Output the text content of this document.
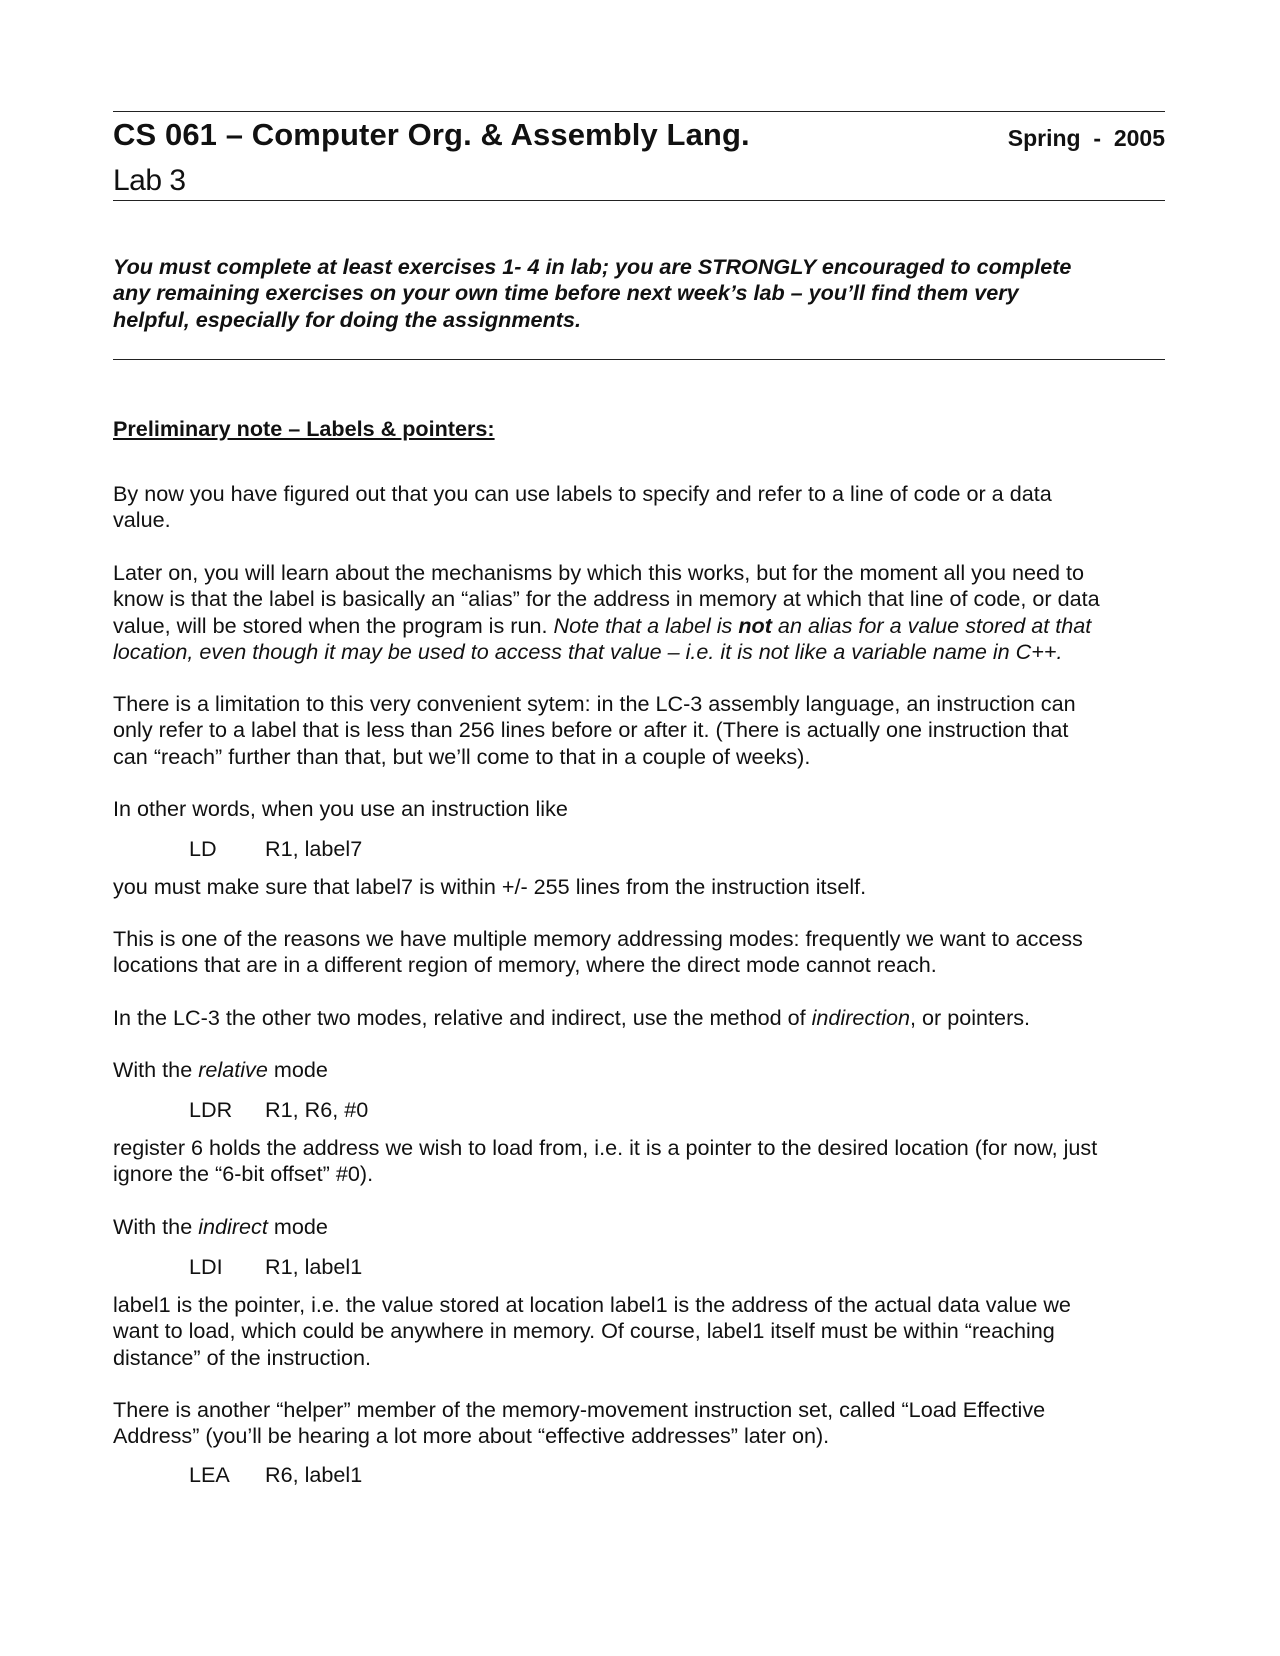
CS 061 – Computer Org. & Assembly Lang.	Spring  -  2005
Lab 3
You must complete at least exercises 1- 4 in lab; you are STRONGLY encouraged to complete
any remaining exercises on your own time before next week’s lab – you’ll find them very
helpful, especially for doing the assignments.
Preliminary note – Labels & pointers:
By now you have figured out that you can use labels to specify and refer to a line of code or a data
value.
Later on, you will learn about the mechanisms by which this works, but for the moment all you need to
know is that the label is basically an “alias” for the address in memory at which that line of code, or data
value, will be stored when the program is run. Note that a label is not an alias for a value stored at that
location, even though it may be used to access that value – i.e. it is not like a variable name in C++.
There is a limitation to this very convenient sytem: in the LC-3 assembly language, an instruction can
only refer to a label that is less than 256 lines before or after it. (There is actually one instruction that
can “reach” further than that, but we’ll come to that in a couple of weeks).
In other words, when you use an instruction like
LD R1, label7
you must make sure that label7 is within +/- 255 lines from the instruction itself.
This is one of the reasons we have multiple memory addressing modes: frequently we want to access
locations that are in a different region of memory, where the direct mode cannot reach.
In the LC-3 the other two modes, relative and indirect, use the method of indirection, or pointers.
With the relative mode
LDR R1, R6, #0
register 6 holds the address we wish to load from, i.e. it is a pointer to the desired location (for now, just
ignore the “6-bit offset” #0).
With the indirect mode
LDI R1, label1
label1 is the pointer, i.e. the value stored at location label1 is the address of the actual data value we
want to load, which could be anywhere in memory. Of course, label1 itself must be within “reaching
distance” of the instruction.
There is another “helper” member of the memory-movement instruction set, called “Load Effective
Address” (you’ll be hearing a lot more about “effective addresses” later on).
LEA R6, label1
